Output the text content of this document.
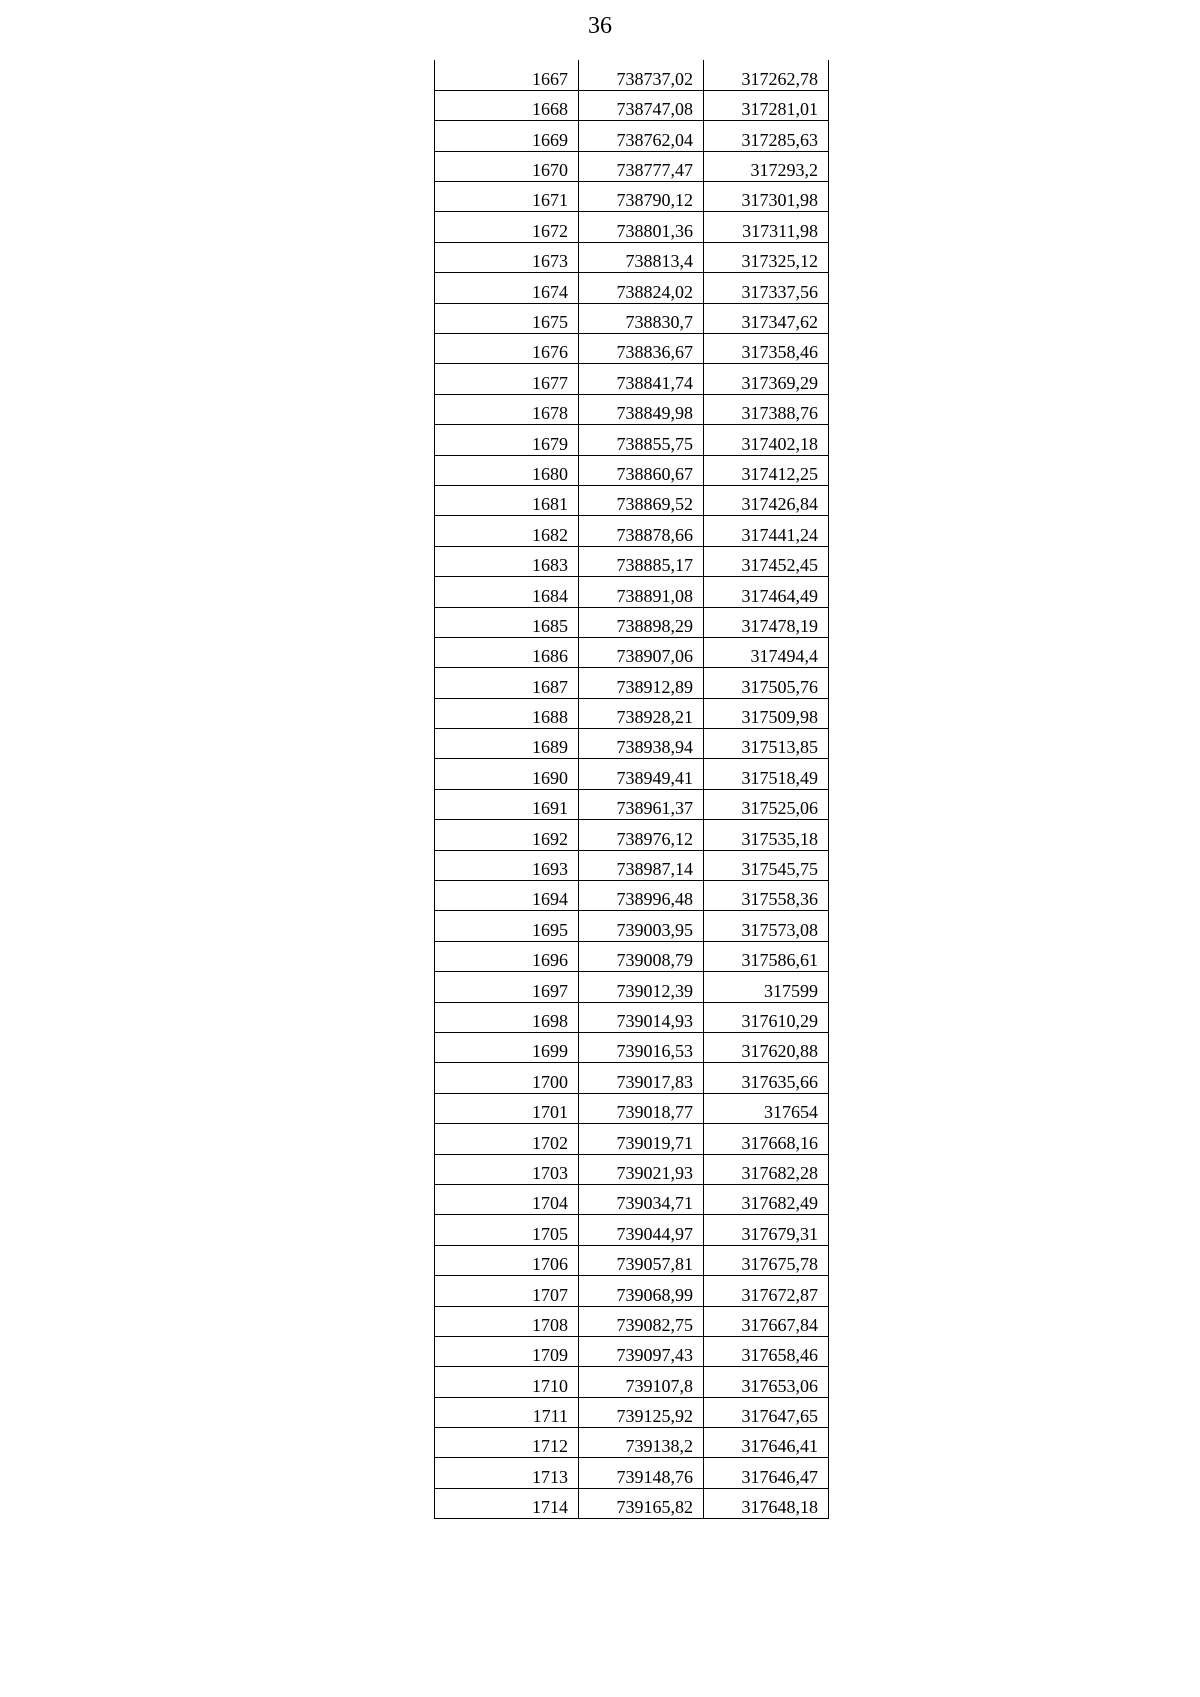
36
1667	738737,02	317262,78
1668	738747,08	317281,01
1669	738762,04	317285,63
1670	738777,47	317293,2
1671	738790,12	317301,98
1672	738801,36	317311,98
1673	738813,4	317325,12
1674	738824,02	317337,56
1675	738830,7	317347,62
1676	738836,67	317358,46
1677	738841,74	317369,29
1678	738849,98	317388,76
1679	738855,75	317402,18
1680	738860,67	317412,25
1681	738869,52	317426,84
1682	738878,66	317441,24
1683	738885,17	317452,45
1684	738891,08	317464,49
1685	738898,29	317478,19
1686	738907,06	317494,4
1687	738912,89	317505,76
1688	738928,21	317509,98
1689	738938,94	317513,85
1690	738949,41	317518,49
1691	738961,37	317525,06
1692	738976,12	317535,18
1693	738987,14	317545,75
1694	738996,48	317558,36
1695	739003,95	317573,08
1696	739008,79	317586,61
1697	739012,39	317599
1698	739014,93	317610,29
1699	739016,53	317620,88
1700	739017,83	317635,66
1701	739018,77	317654
1702	739019,71	317668,16
1703	739021,93	317682,28
1704	739034,71	317682,49
1705	739044,97	317679,31
1706	739057,81	317675,78
1707	739068,99	317672,87
1708	739082,75	317667,84
1709	739097,43	317658,46
1710	739107,8	317653,06
1711	739125,92	317647,65
1712	739138,2	317646,41
1713	739148,76	317646,47
1714	739165,82	317648,18
